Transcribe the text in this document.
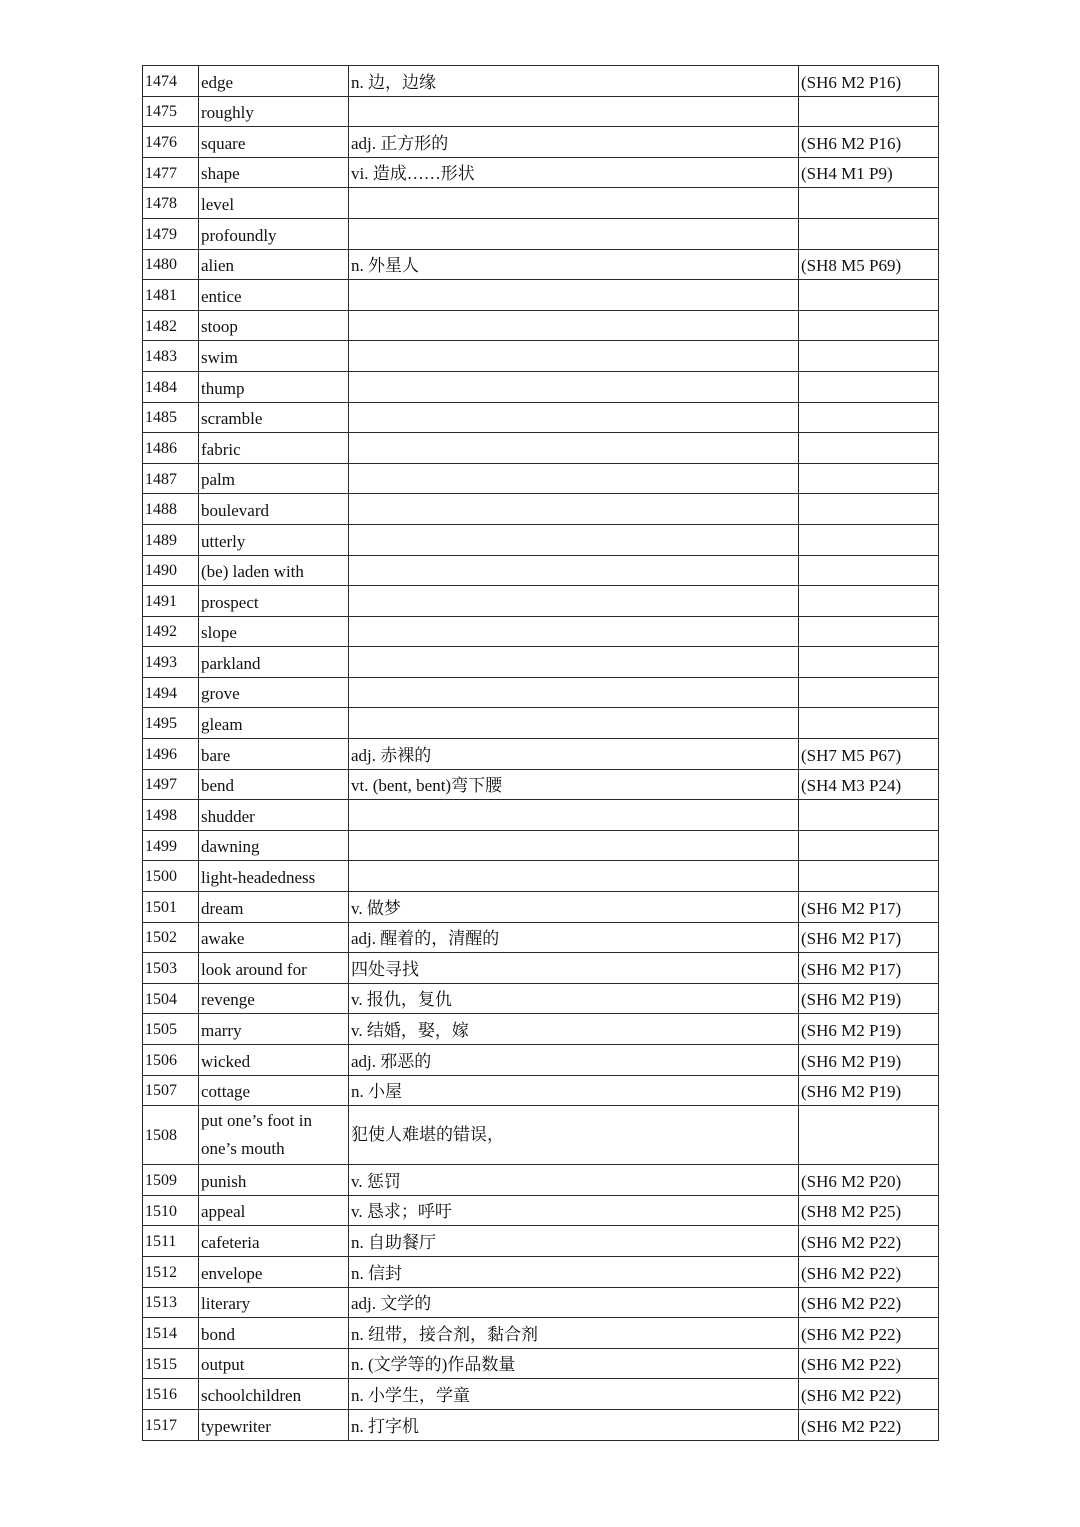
1474	edge	n. 边，边缘	(SH6 M2 P16)
1475	roughly		
1476	square	adj. 正方形的	(SH6 M2 P16)
1477	shape	vi. 造成……形状	(SH4 M1 P9)
1478	level		
1479	profoundly		
1480	alien	n. 外星人	(SH8 M5 P69)
1481	entice		
1482	stoop		
1483	swim		
1484	thump		
1485	scramble		
1486	fabric		
1487	palm		
1488	boulevard		
1489	utterly		
1490	(be) laden with		
1491	prospect		
1492	slope		
1493	parkland		
1494	grove		
1495	gleam		
1496	bare	adj. 赤裸的	(SH7 M5 P67)
1497	bend	vt. (bent, bent)弯下腰	(SH4 M3 P24)
1498	shudder		
1499	dawning		
1500	light-headedness		
1501	dream	v. 做梦	(SH6 M2 P17)
1502	awake	adj. 醒着的，清醒的	(SH6 M2 P17)
1503	look around for	四处寻找	(SH6 M2 P17)
1504	revenge	v. 报仇，复仇	(SH6 M2 P19)
1505	marry	v. 结婚，娶，嫁	(SH6 M2 P19)
1506	wicked	adj. 邪恶的	(SH6 M2 P19)
1507	cottage	n. 小屋	(SH6 M2 P19)
1508	put one’s foot in one’s mouth	犯使人难堪的错误，	
1509	punish	v. 惩罚	(SH6 M2 P20)
1510	appeal	v. 恳求；呼吁	(SH8 M2 P25)
1511	cafeteria	n. 自助餐厅	(SH6 M2 P22)
1512	envelope	n. 信封	(SH6 M2 P22)
1513	literary	adj. 文学的	(SH6 M2 P22)
1514	bond	n. 纽带，接合剂，黏合剂	(SH6 M2 P22)
1515	output	n. (文学等的)作品数量	(SH6 M2 P22)
1516	schoolchildren	n. 小学生，学童	(SH6 M2 P22)
1517	typewriter	n. 打字机	(SH6 M2 P22)
